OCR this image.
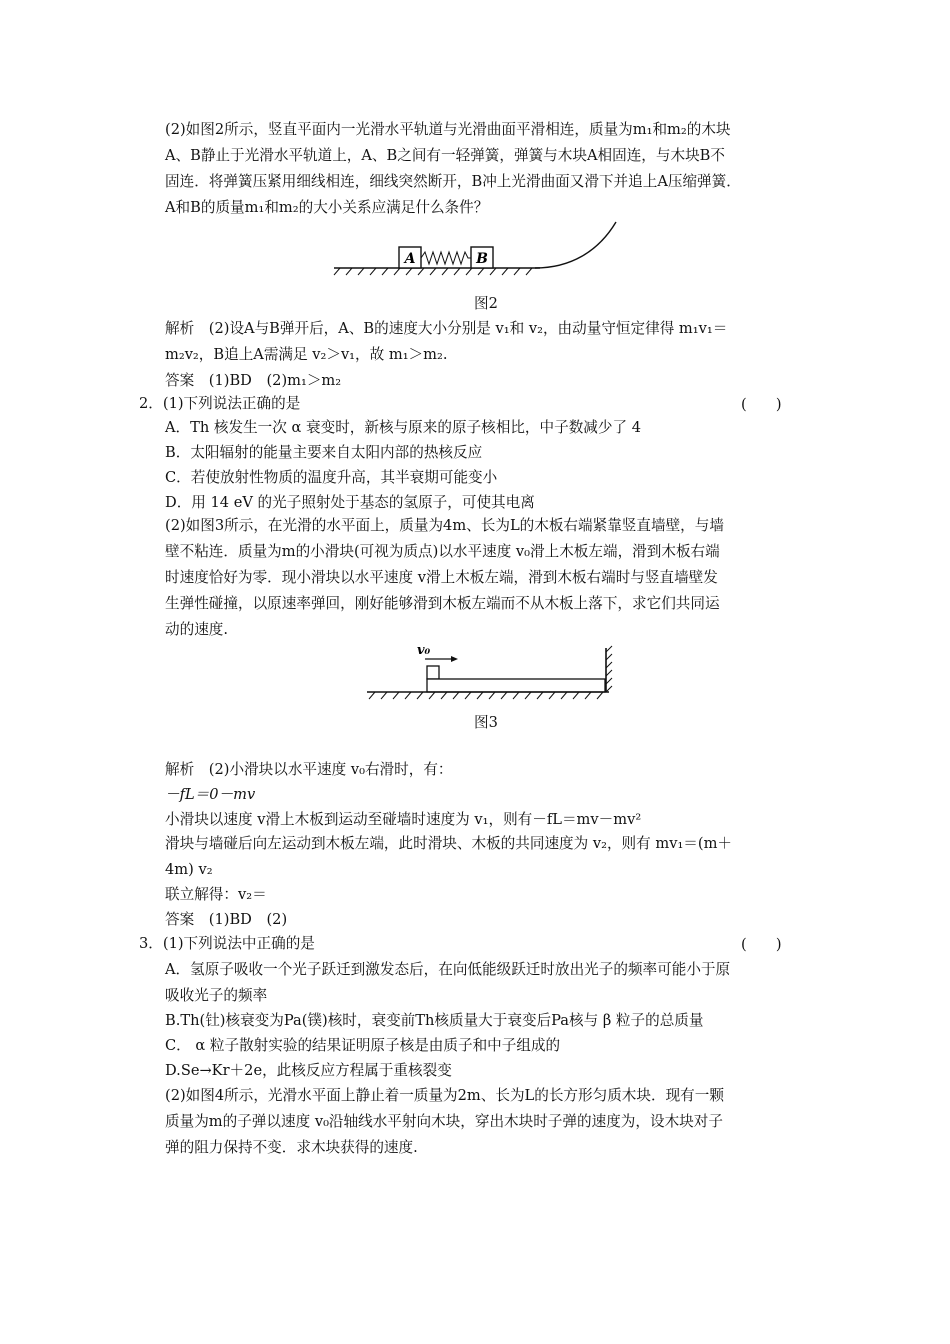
(2)如图2所示，竖直平面内一光滑水平轨道与光滑曲面平滑相连，质量为m₁和m₂的木块
A、B静止于光滑水平轨道上，A、B之间有一轻弹簧，弹簧与木块A相固连，与木块B不
固连．将弹簧压紧用细线相连，细线突然断开，B冲上光滑曲面又滑下并追上A压缩弹簧．
A和B的质量m₁和m₂的大小关系应满足什么条件？
A	B
图2
解析　(2)设A与B弹开后，A、B的速度大小分别是 v₁和 v₂，由动量守恒定律得 m₁v₁＝
m₂v₂，B追上A需满足 v₂＞v₁，故 m₁＞m₂.
答案　(1)BD　(2)m₁＞m₂
2．(1)下列说法正确的是	(　　)
A．Th 核发生一次 α 衰变时，新核与原来的原子核相比，中子数减少了 4
B．太阳辐射的能量主要来自太阳内部的热核反应
C．若使放射性物质的温度升高，其半衰期可能变小
D．用 14 eV 的光子照射处于基态的氢原子，可使其电离
(2)如图3所示，在光滑的水平面上，质量为4m、长为L的木板右端紧靠竖直墙壁，与墙
壁不粘连．质量为m的小滑块(可视为质点)以水平速度 v₀滑上木板左端，滑到木板右端
时速度恰好为零．现小滑块以水平速度 v滑上木板左端，滑到木板右端时与竖直墙壁发
生弹性碰撞，以原速率弹回，刚好能够滑到木板左端而不从木板上落下，求它们共同运
动的速度.
v₀
图3
解析　(2)小滑块以水平速度 v₀右滑时，有：
－fL＝0－mv
小滑块以速度 v滑上木板到运动至碰墙时速度为 v₁，则有－fL＝mv－mv²
滑块与墙碰后向左运动到木板左端，此时滑块、木板的共同速度为 v₂，则有 mv₁＝(m＋
4m) v₂
联立解得：v₂＝
答案　(1)BD　(2)
3．(1)下列说法中正确的是	(　　)
A．氢原子吸收一个光子跃迁到激发态后，在向低能级跃迁时放出光子的频率可能小于原
吸收光子的频率
B.Th(钍)核衰变为Pa(镤)核时，衰变前Th核质量大于衰变后Pa核与 β 粒子的总质量
C． α 粒子散射实验的结果证明原子核是由质子和中子组成的
D.Se→Kr＋2e，此核反应方程属于重核裂变
(2)如图4所示，光滑水平面上静止着一质量为2m、长为L的长方形匀质木块．现有一颗
质量为m的子弹以速度 v₀沿轴线水平射向木块，穿出木块时子弹的速度为，设木块对子
弹的阻力保持不变．求木块获得的速度.
